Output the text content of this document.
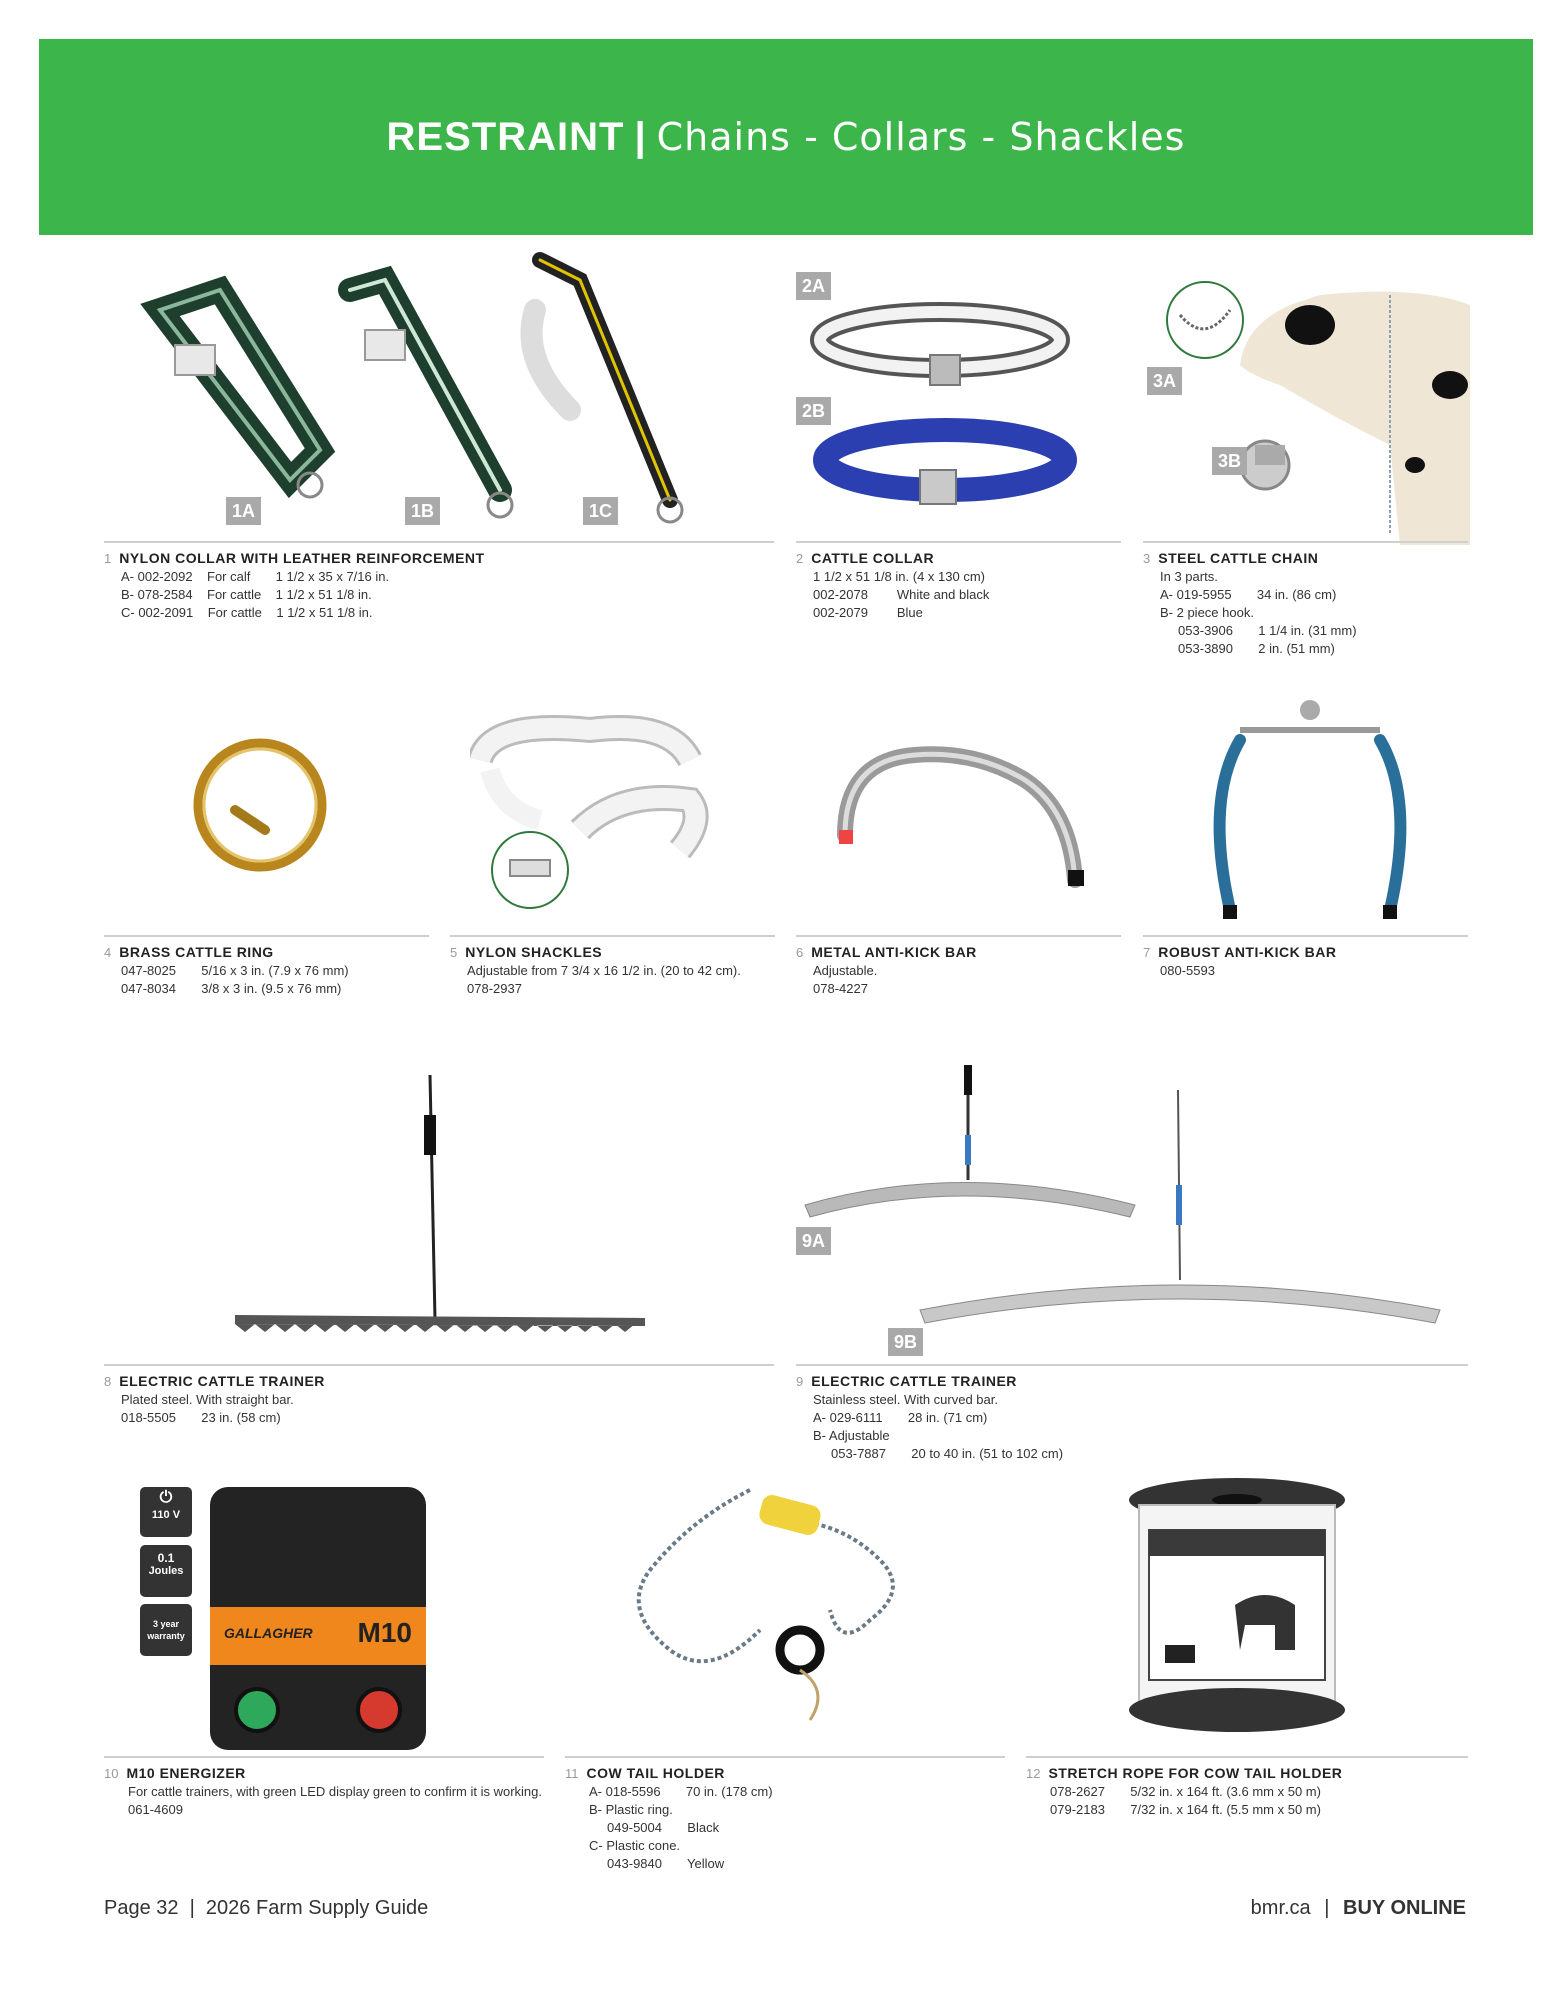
RESTRAINT | Chains - Collars - Shackles
1A	1B	1C
2A
2B
3A
3B
1 NYLON COLLAR WITH LEATHER REINFORCEMENT
A- 002-2092    For calf       1 1/2 x 35 x 7/16 in.
B- 078-2584    For cattle    1 1/2 x 51 1/8 in.
C- 002-2091    For cattle    1 1/2 x 51 1/8 in.
2 CATTLE COLLAR
1 1/2 x 51 1/8 in. (4 x 130 cm)
002-2078        White and black
002-2079        Blue
3 STEEL CATTLE CHAIN
In 3 parts.
A- 019-5955       34 in. (86 cm)
B- 2 piece hook.
053-3906       1 1/4 in. (31 mm)
053-3890       2 in. (51 mm)
4 BRASS CATTLE RING
047-8025       5/16 x 3 in. (7.9 x 76 mm)
047-8034       3/8 x 3 in. (9.5 x 76 mm)
5 NYLON SHACKLES
Adjustable from 7 3/4 x 16 1/2 in. (20 to 42 cm).
078-2937
6 METAL ANTI-KICK BAR
Adjustable.
078-4227
7 ROBUST ANTI-KICK BAR
080-5593
9A
9B
8 ELECTRIC CATTLE TRAINER
Plated steel. With straight bar.
018-5505       23 in. (58 cm)
9 ELECTRIC CATTLE TRAINER
Stainless steel. With curved bar.
A- 029-6111       28 in. (71 cm)
B- Adjustable
053-7887       20 to 40 in. (51 to 102 cm)
⏻
110 V
0.1
Joules
3 year warranty	GALLAGHER M10
10 M10 ENERGIZER
For cattle trainers, with green LED display green to confirm it is working.
061-4609
11 COW TAIL HOLDER
A- 018-5596       70 in. (178 cm)
B- Plastic ring.
049-5004       Black
C- Plastic cone.
043-9840       Yellow
12 STRETCH ROPE FOR COW TAIL HOLDER
078-2627       5/32 in. x 164 ft. (3.6 mm x 50 m)
079-2183       7/32 in. x 164 ft. (5.5 mm x 50 m)
Page 32  |  2026 Farm Supply Guide	bmr.ca | BUY ONLINE
